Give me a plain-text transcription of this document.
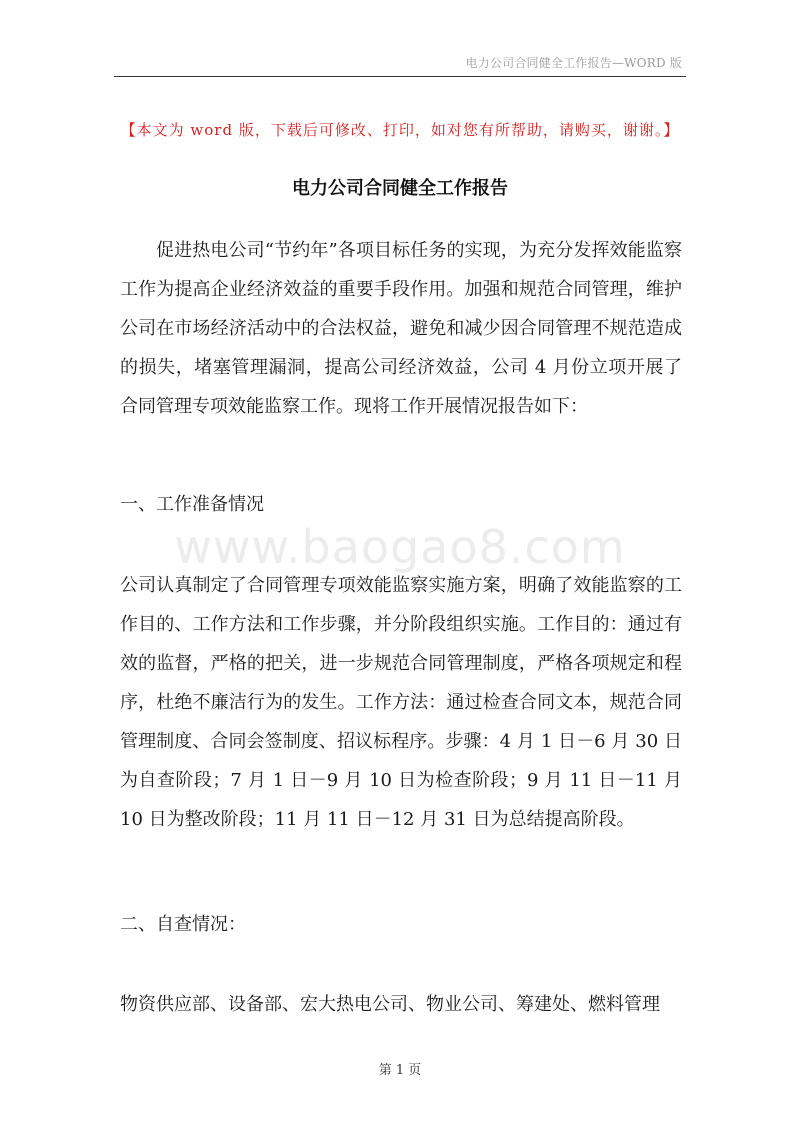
电力公司合同健全工作报告—WORD 版
【本文为 word 版，下载后可修改、打印，如对您有所帮助，请购买，谢谢。】
电力公司合同健全工作报告

促进热电公司“节约年”各项目标任务的实现，为充分发挥效能监察工作为提高企业经济效益的重要手段作用。加强和规范合同管理，维护公司在市场经济活动中的合法权益，避免和减少因合同管理不规范造成的损失，堵塞管理漏洞，提高公司经济效益，公司 4 月份立项开展了合同管理专项效能监察工作。现将工作开展情况报告如下：

一、工作准备情况
www.baogao8.com

公司认真制定了合同管理专项效能监察实施方案，明确了效能监察的工作目的、工作方法和工作步骤，并分阶段组织实施。工作目的：通过有效的监督，严格的把关，进一步规范合同管理制度，严格各项规定和程序，杜绝不廉洁行为的发生。工作方法：通过检查合同文本，规范合同管理制度、合同会签制度、招议标程序。步骤：4 月 1 日－6 月 30 日为自查阶段；7 月 1 日－9 月 10 日为检查阶段；9 月 11 日－11 月 10 日为整改阶段；11 月 11 日－12 月 31 日为总结提高阶段。

二、自查情况：

物资供应部、设备部、宏大热电公司、物业公司、筹建处、燃料管理

第 1 页
